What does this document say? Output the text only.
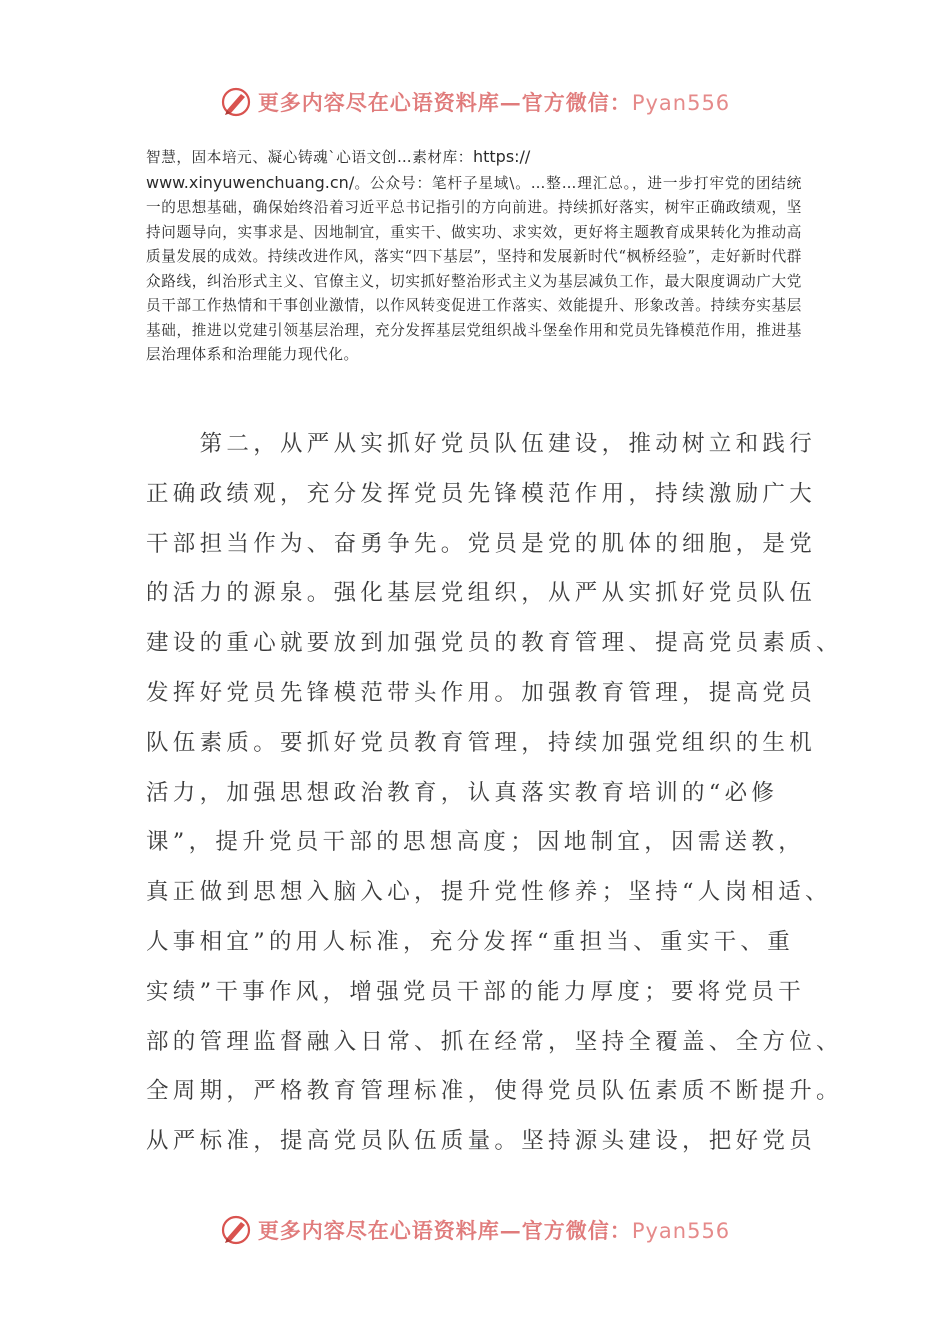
更多内容尽在心语资料库—官方微信：Pyan556

智慧，固本培元、凝心铸魂`心语文创…素材库：https://
www.xinyuwenchuang.cn/。公众号：笔杆子星域\。…整…理汇总。，进一步打牢党的团结统一的思想基础，确保始终沿着习近平总书记指引的方向前进。持续抓好落实，树牢正确政绩观，坚持问题导向，实事求是、因地制宜，重实干、做实功、求实效，更好将主题教育成果转化为推动高质量发展的成效。持续改进作风，落实“四下基层”，坚持和发展新时代“枫桥经验”，走好新时代群众路线，纠治形式主义、官僚主义，切实抓好整治形式主义为基层减负工作，最大限度调动广大党员干部工作热情和干事创业激情，以作风转变促进工作落实、效能提升、形象改善。持续夯实基层基础，推进以党建引领基层治理，充分发挥基层党组织战斗堡垒作用和党员先锋模范作用，推进基层治理体系和治理能力现代化。

　　第二，从严从实抓好党员队伍建设，推动树立和践行
正确政绩观，充分发挥党员先锋模范作用，持续激励广大
干部担当作为、奋勇争先。党员是党的肌体的细胞，是党
的活力的源泉。强化基层党组织，从严从实抓好党员队伍
建设的重心就要放到加强党员的教育管理、提高党员素质、
发挥好党员先锋模范带头作用。加强教育管理，提高党员
队伍素质。要抓好党员教育管理，持续加强党组织的生机
活力，加强思想政治教育，认真落实教育培训的“必修
课”，提升党员干部的思想高度；因地制宜，因需送教，
真正做到思想入脑入心，提升党性修养；坚持“人岗相适、
人事相宜”的用人标准，充分发挥“重担当、重实干、重
实绩”干事作风，增强党员干部的能力厚度；要将党员干
部的管理监督融入日常、抓在经常，坚持全覆盖、全方位、
全周期，严格教育管理标准，使得党员队伍素质不断提升。
从严标准，提高党员队伍质量。坚持源头建设，把好党员
更多内容尽在心语资料库—官方微信：Pyan556
